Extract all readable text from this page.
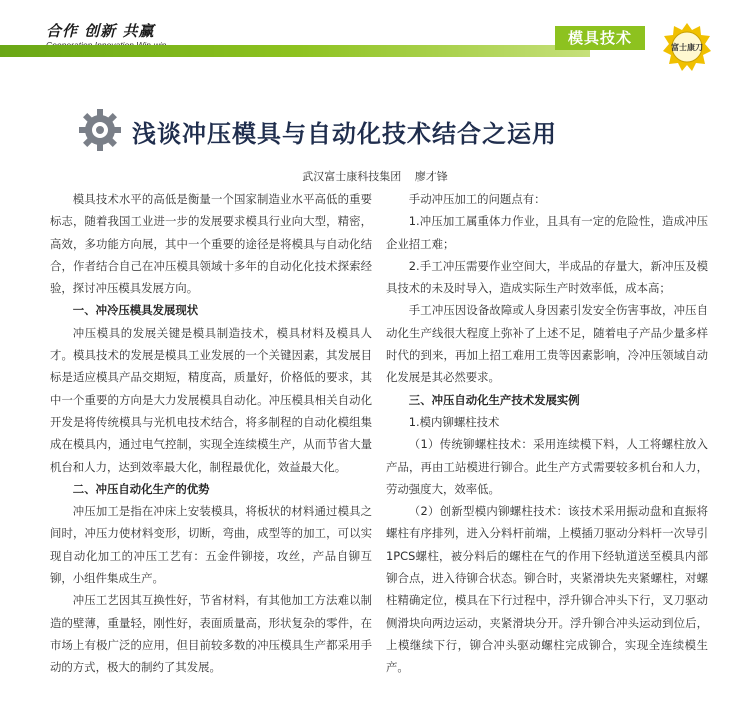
合作 创新 共赢	模具技术
富士康刀
浅谈冲压模具与自动化技术结合之运用
武汉富士康科技集团 廖才锋

模具技术水平的高低是衡量一个国家制造业水平高低的重要标志，随着我国工业进一步的发展要求模具行业向大型，精密，高效，多功能方向展，其中一个重要的途径是将模具与自动化结合，作者结合自己在冲压模具领域十多年的自动化化技术探索经验，探讨冲压模具发展方向。

一、冲冷压模具发展现状

冲压模具的发展关键是模具制造技术，模具材料及模具人才。模具技术的发展是模具工业发展的一个关键因素，其发展目标是适应模具产品交期短，精度高，质量好，价格低的要求，其中一个重要的方向是大力发展模具自动化。冲压模具相关自动化开发是将传统模具与光机电技术结合，将多制程的自动化模组集成在模具内，通过电气控制，实现全连续模生产，从而节省大量机台和人力，达到效率最大化，制程最优化，效益最大化。

二、冲压自动化生产的优势

冲压加工是指在冲床上安装模具，将板状的材料通过模具之间时，冲压力使材料变形，切断，弯曲，成型等的加工，可以实现自动化加工的冲压工艺有：五金件铆接，攻丝，产品自铆互铆，小组件集成生产。

冲压工艺因其互换性好，节省材料，有其他加工方法难以制造的壁薄，重量轻，刚性好，表面质量高，形状复杂的零件，在市场上有极广泛的应用，但目前较多数的冲压模具生产都采用手动的方式，极大的制约了其发展。

手动冲压加工的问题点有：

1.冲压加工属重体力作业，且具有一定的危险性，造成冲压企业招工难；

2.手工冲压需要作业空间大，半成品的存量大，新冲压及模具技术的未及时导入，造成实际生产时效率低，成本高；

手工冲压因设备故障或人身因素引发安全伤害事故，冲压自动化生产线很大程度上弥补了上述不足，随着电子产品少量多样时代的到来，再加上招工难用工贵等因素影响，冷冲压领域自动化发展是其必然要求。

三、冲压自动化生产技术发展实例

1.模内铆螺柱技术

（1）传统铆螺柱技术：采用连续模下料，人工将螺柱放入产品，再由工站模进行铆合。此生产方式需要较多机台和人力，劳动强度大，效率低。

（2）创新型模内铆螺柱技术：该技术采用振动盘和直振将螺柱有序排列，进入分料杆前端，上模插刀驱动分料杆一次导引1PCS螺柱，被分料后的螺柱在气的作用下经轨道送至模具内部铆合点，进入待铆合状态。铆合时，夹紧滑块先夹紧螺柱，对螺柱精确定位，模具在下行过程中，浮升铆合冲头下行，叉刀驱动侧滑块向两边运动，夹紧滑块分开。浮升铆合冲头运动到位后，上模继续下行，铆合冲头驱动螺柱完成铆合，实现全连续模生产。
